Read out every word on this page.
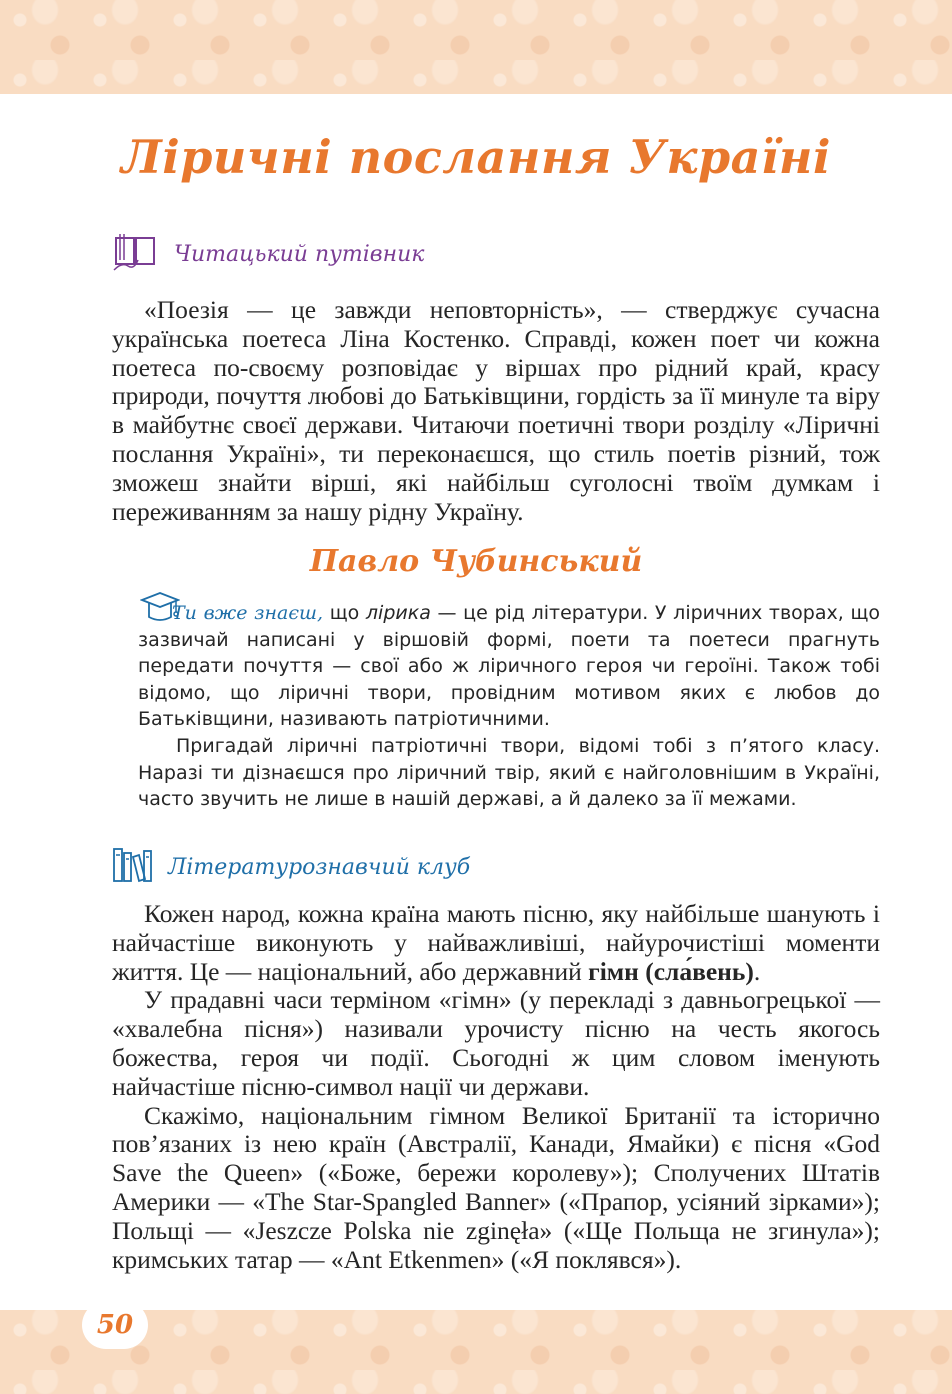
Ліричні послання Україні
Читацький путівник

«Поезія — це завжди неповторність», — стверджує сучасна українська поетеса Ліна Костенко. Справді, кожен поет чи кожна поетеса по-своєму розповідає у віршах про рідний край, красу природи, почуття любові до Батьківщини, гордість за її минуле та віру в майбутнє своєї держави. Читаючи поетичні твори розділу «Ліричні послання Україні», ти переконаєшся, що стиль поетів різний, тож зможеш знайти вірші, які найбільш суголосні твоїм думкам і переживанням за нашу рідну Україну.

Павло Чубинський

Ти вже знаєш, що лірика — це рід літератури. У ліричних творах, що зазвичай написані у віршовій формі, поети та поетеси прагнуть передати почуття — свої або ж ліричного героя чи героїні. Також тобі відомо, що ліричні твори, провідним мотивом яких є любов до Батьківщини, називають патріотичними.

Пригадай ліричні патріотичні твори, відомі тобі з п’ятого класу. Наразі ти дізнаєшся про ліричний твір, який є найголовнішим в Україні, часто звучить не лише в нашій державі, а й далеко за її межами.

Літературознавчий клуб

Кожен народ, кожна країна мають пісню, яку найбільше шанують і найчастіше виконують у найважливіші, найурочистіші моменти життя. Це — національний, або державний гімн (сла́вень).

У прадавні часи терміном «гімн» (у перекладі з давньогрецької — «хвалебна пісня») називали урочисту пісню на честь якогось божества, героя чи події. Сьогодні ж цим словом іменують найчастіше пісню-символ нації чи держави.

Скажімо, національним гімном Великої Британії та історично пов’язаних із нею країн (Австралії, Канади, Ямайки) є пісня «God Save the Queen» («Боже, бережи королеву»); Сполучених Штатів Америки — «The Star-Spangled Banner» («Прапор, усіяний зірками»); Польщі — «Jeszcze Polska nie zginęła» («Ще Польща не згинула»); кримських татар — «Ant Etkenmen» («Я поклявся»).

50
